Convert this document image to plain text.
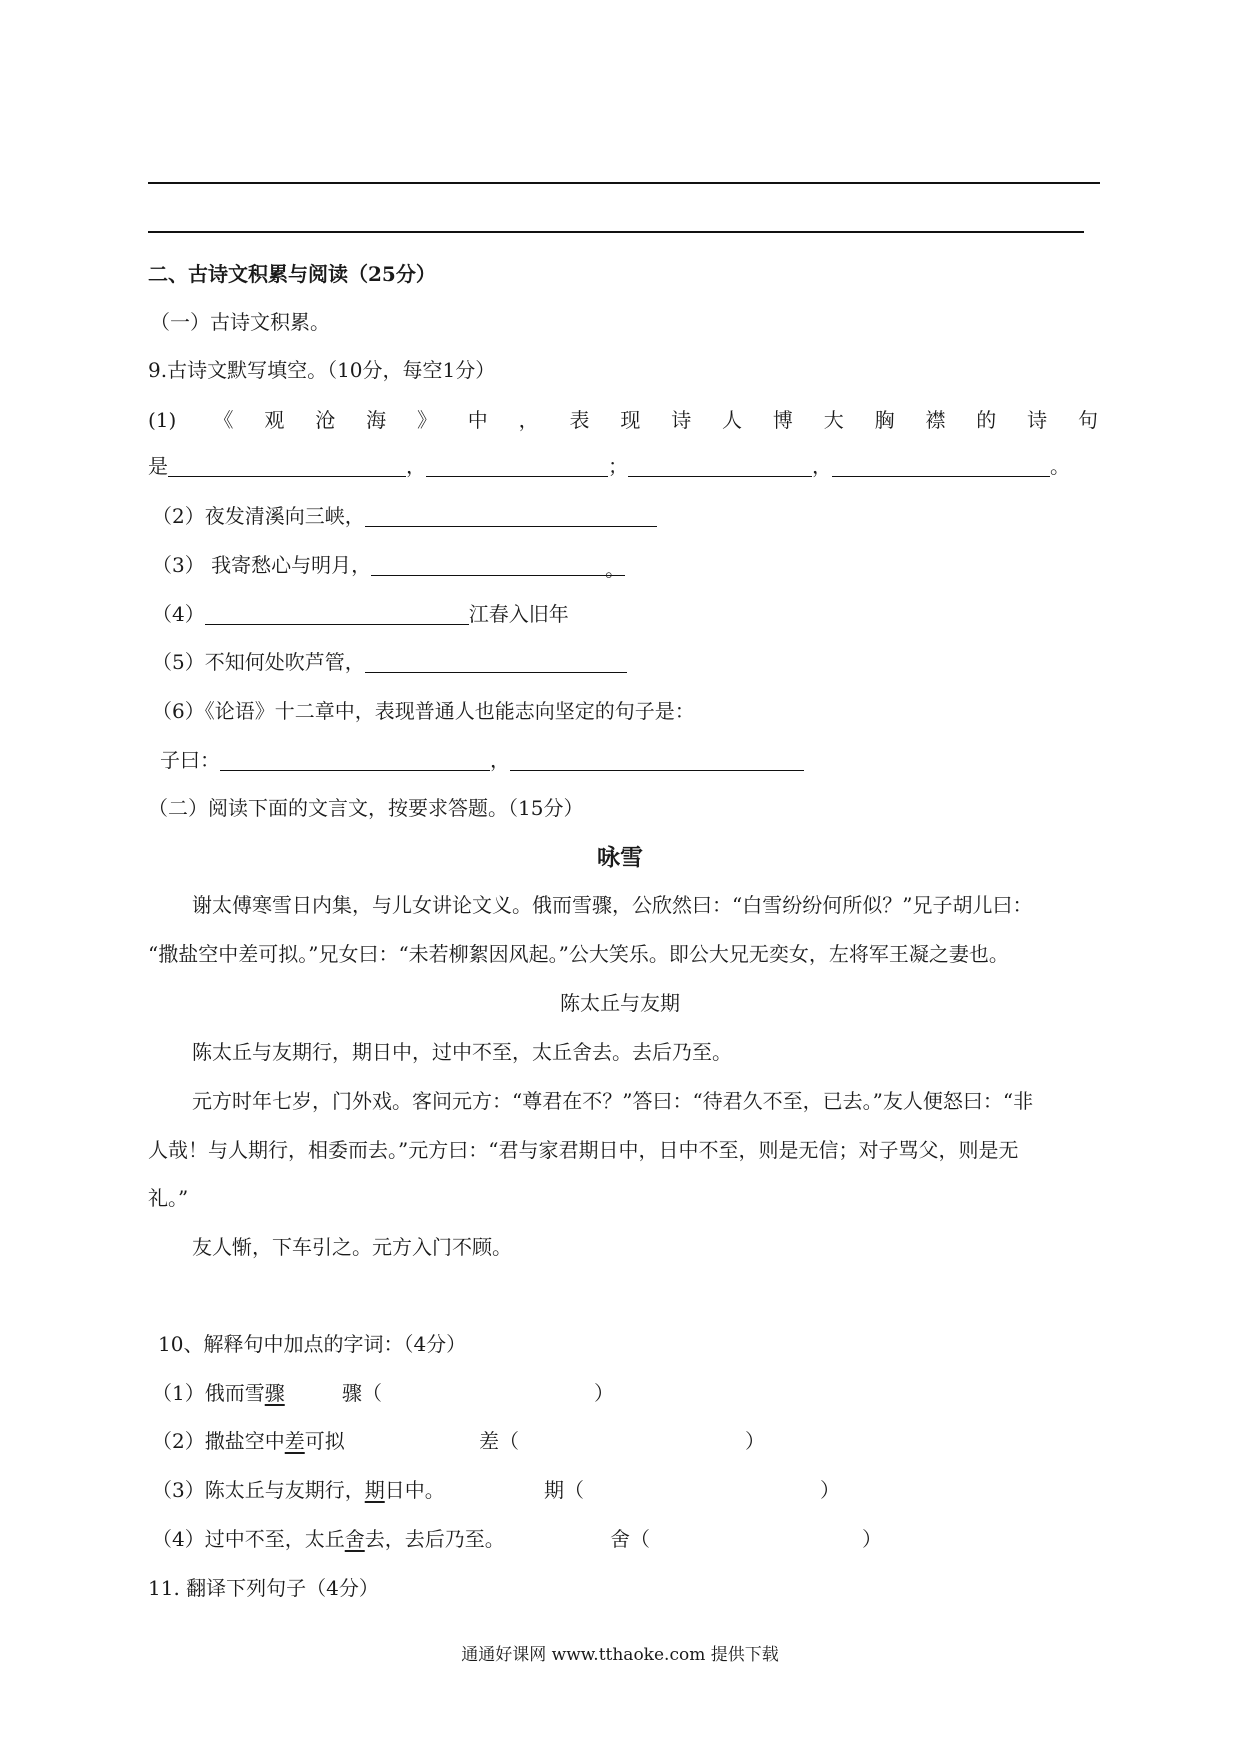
二、古诗文积累与阅读（25分）
（一）古诗文积累。
9.古诗文默写填空。（10分，每空1分）
(1) 《观沧海》中，表现诗人博大胸襟的诗句
是	，	；	，	。
（2）夜发清溪向三峡，
（3） 我寄愁心与明月，	。
（4）	江春入旧年
（5）不知何处吹芦管，
（6）《论语》十二章中，表现普通人也能志向坚定的句子是：
子曰：	，
（二）阅读下面的文言文，按要求答题。（15分）
咏雪
谢太傅寒雪日内集，与儿女讲论文义。俄而雪骤，公欣然曰：“白雪纷纷何所似？”兄子胡儿曰：
“撒盐空中差可拟。”兄女曰：“未若柳絮因风起。”公大笑乐。即公大兄无奕女，左将军王凝之妻也。
陈太丘与友期
陈太丘与友期行，期日中，过中不至，太丘舍去。去后乃至。
元方时年七岁，门外戏。客问元方：“尊君在不？”答曰：“待君久不至，已去。”友人便怒曰：“非
人哉！与人期行，相委而去。”元方曰：“君与家君期日中，日中不至，则是无信；对子骂父，则是无
礼。”
友人惭，下车引之。元方入门不顾。
10、解释句中加点的字词：（4分）
（1）俄而雪骤	骤（	）
（2）撒盐空中差可拟	差（	）
（3）陈太丘与友期行，期日中。	期（	）
（4）过中不至，太丘舍去，去后乃至。	舍（	）
11. 翻译下列句子（4分）
通通好课网 www.tthaoke.com 提供下载
